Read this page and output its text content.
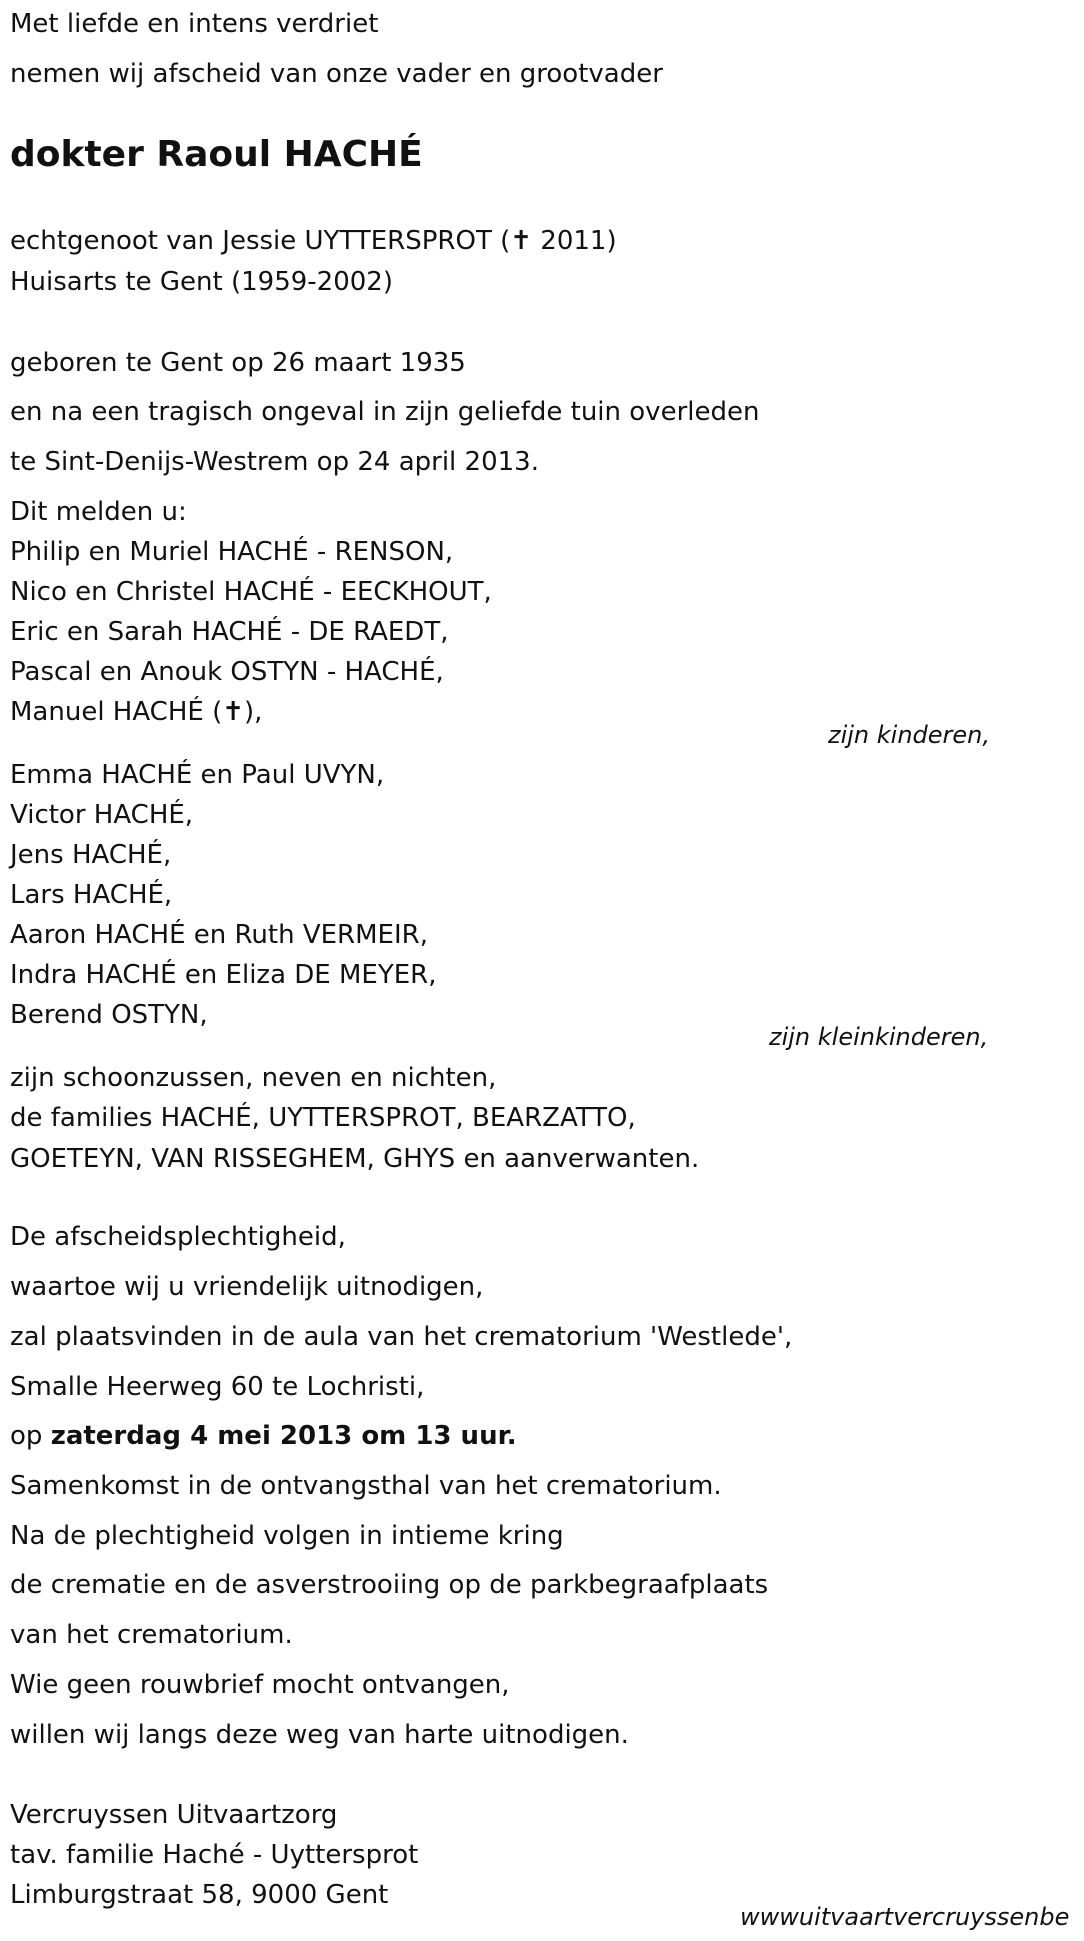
Met liefde en intens verdriet

nemen wij afscheid van onze vader en grootvader

dokter Raoul HACHÉ

echtgenoot van Jessie UYTTERSPROT (✝ 2011)

Huisarts te Gent (1959-2002)

geboren te Gent op 26 maart 1935

en na een tragisch ongeval in zijn geliefde tuin overleden

te Sint-Denijs-Westrem op 24 april 2013.

Dit melden u:

Philip en Muriel HACHÉ - RENSON,

Nico en Christel HACHÉ - EECKHOUT,

Eric en Sarah HACHÉ - DE RAEDT,

Pascal en Anouk OSTYN - HACHÉ,

Manuel HACHÉ (✝),

zijn kinderen,

Emma HACHÉ en Paul UVYN,

Victor HACHÉ,

Jens HACHÉ,

Lars HACHÉ,

Aaron HACHÉ en Ruth VERMEIR,

Indra HACHÉ en Eliza DE MEYER,

Berend OSTYN,

zijn kleinkinderen,

zijn schoonzussen, neven en nichten,

de families HACHÉ, UYTTERSPROT, BEARZATTO,

GOETEYN, VAN RISSEGHEM, GHYS en aanverwanten.

De afscheidsplechtigheid,

waartoe wij u vriendelijk uitnodigen,

zal plaatsvinden in de aula van het crematorium 'Westlede',

Smalle Heerweg 60 te Lochristi,

op zaterdag 4 mei 2013 om 13 uur.

Samenkomst in de ontvangsthal van het crematorium.

Na de plechtigheid volgen in intieme kring

de crematie en de asverstrooiing op de parkbegraafplaats

van het crematorium.

Wie geen rouwbrief mocht ontvangen,

willen wij langs deze weg van harte uitnodigen.

Vercruyssen Uitvaartzorg

tav. familie Haché - Uyttersprot

Limburgstraat 58, 9000 Gent

wwwuitvaartvercruyssenbe
